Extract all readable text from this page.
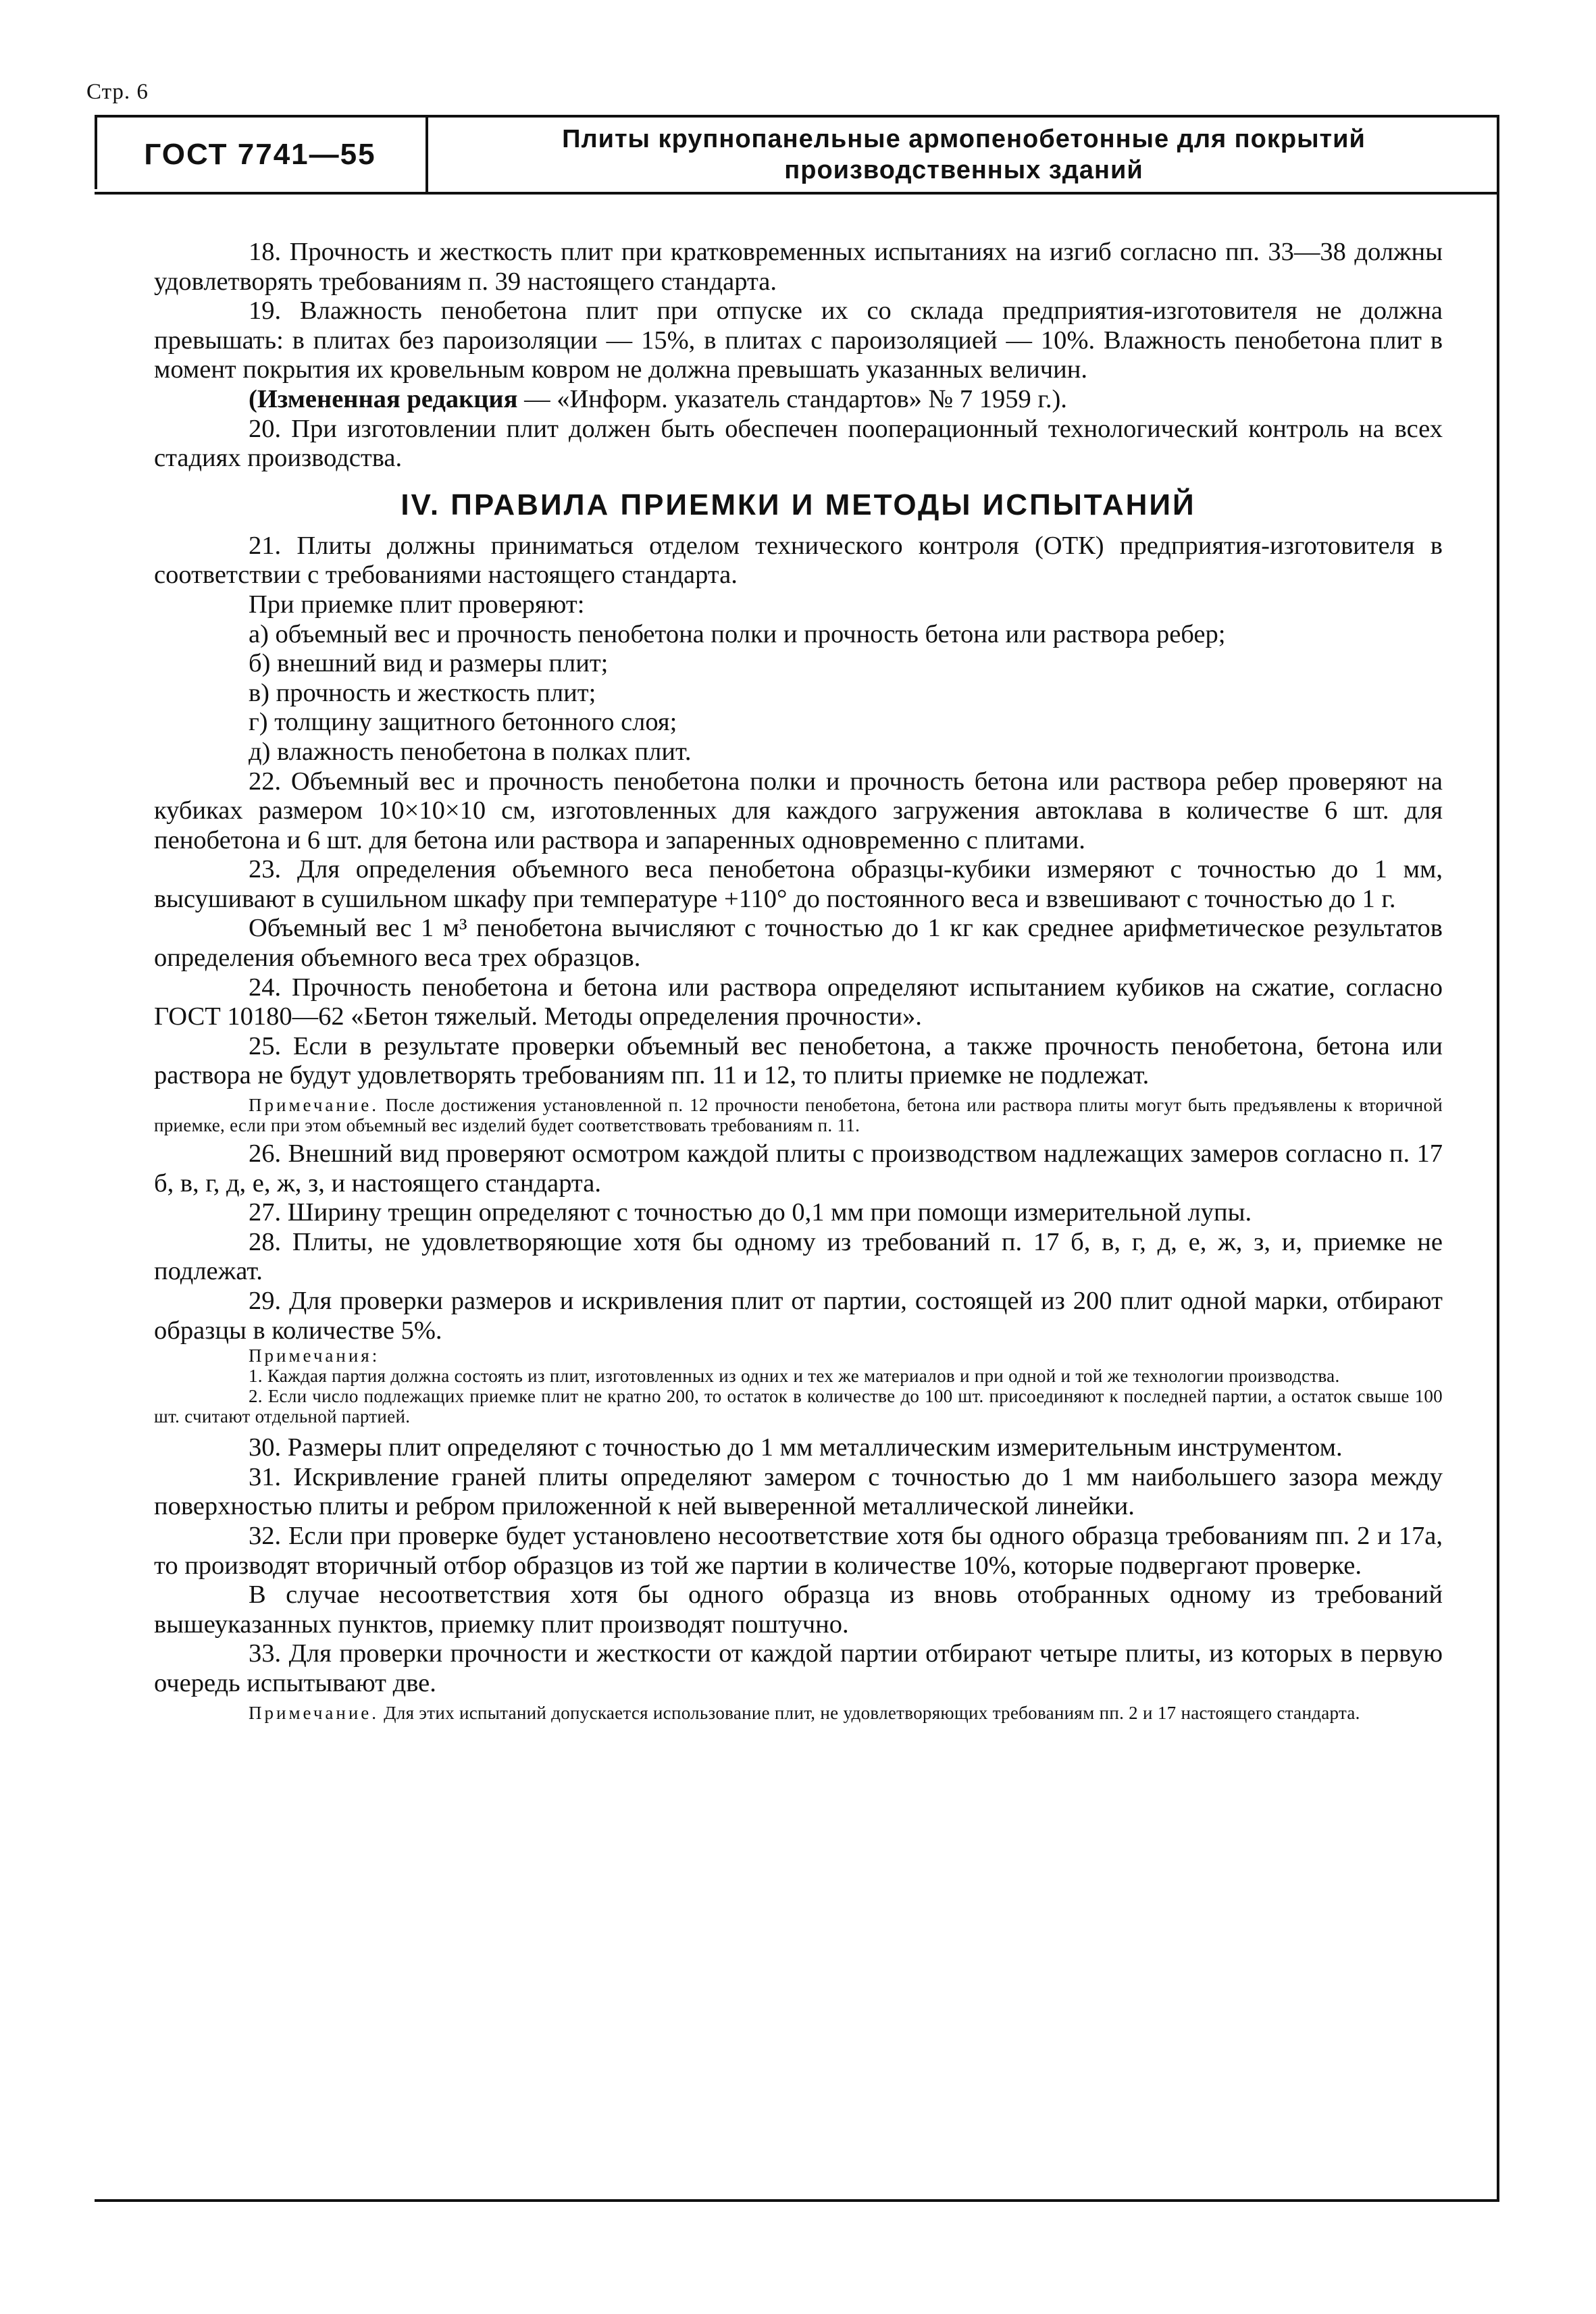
Стр. 6
ГОСТ 7741—55	Плиты крупнопанельные армопенобетонные для покрытий
производственных зданий

18. Прочность и жесткость плит при кратковременных испытаниях на изгиб согласно пп. 33—38 должны удовлетворять требованиям п. 39 настоящего стандарта.

19. Влажность пенобетона плит при отпуске их со склада предприятия-изготовителя не должна превышать: в плитах без пароизоляции — 15%, в плитах с пароизоляцией — 10%. Влажность пенобетона плит в момент покрытия их кровельным ковром не должна превышать указанных величин.

(Измененная редакция — «Информ. указатель стандартов» № 7 1959 г.).

20. При изготовлении плит должен быть обеспечен пооперационный технологический контроль на всех стадиях производства.

IV. ПРАВИЛА ПРИЕМКИ И МЕТОДЫ ИСПЫТАНИЙ

21. Плиты должны приниматься отделом технического контроля (ОТК) предприятия-изготовителя в соответствии с требованиями настоящего стандарта.

При приемке плит проверяют:

а) объемный вес и прочность пенобетона полки и прочность бетона или раствора ребер;

б) внешний вид и размеры плит;

в) прочность и жесткость плит;

г) толщину защитного бетонного слоя;

д) влажность пенобетона в полках плит.

22. Объемный вес и прочность пенобетона полки и прочность бетона или раствора ребер проверяют на кубиках размером 10×10×10 см, изготовленных для каждого загружения автоклава в количестве 6 шт. для пенобетона и 6 шт. для бетона или раствора и запаренных одновременно с плитами.

23. Для определения объемного веса пенобетона образцы-кубики измеряют с точностью до 1 мм, высушивают в сушильном шкафу при температуре +110° до постоянного веса и взвешивают с точностью до 1 г.

Объемный вес 1 м³ пенобетона вычисляют с точностью до 1 кг как среднее арифметическое результатов определения объемного веса трех образцов.

24. Прочность пенобетона и бетона или раствора определяют испытанием кубиков на сжатие, согласно ГОСТ 10180—62 «Бетон тяжелый. Методы определения прочности».

25. Если в результате проверки объемный вес пенобетона, а также прочность пенобетона, бетона или раствора не будут удовлетворять требованиям пп. 11 и 12, то плиты приемке не подлежат.

Примечание. После достижения установленной п. 12 прочности пенобетона, бетона или раствора плиты могут быть предъявлены к вторичной приемке, если при этом объемный вес изделий будет соответствовать требованиям п. 11.

26. Внешний вид проверяют осмотром каждой плиты с производством надлежащих замеров согласно п. 17 б, в, г, д, е, ж, з, и настоящего стандарта.

27. Ширину трещин определяют с точностью до 0,1 мм при помощи измерительной лупы.

28. Плиты, не удовлетворяющие хотя бы одному из требований п. 17 б, в, г, д, е, ж, з, и, приемке не подлежат.

29. Для проверки размеров и искривления плит от партии, состоящей из 200 плит одной марки, отбирают образцы в количестве 5%.

Примечания:

1. Каждая партия должна состоять из плит, изготовленных из одних и тех же материалов и при одной и той же технологии производства.

2. Если число подлежащих приемке плит не кратно 200, то остаток в количестве до 100 шт. присоединяют к последней партии, а остаток свыше 100 шт. считают отдельной партией.

30. Размеры плит определяют с точностью до 1 мм металлическим измерительным инструментом.

31. Искривление граней плиты определяют замером с точностью до 1 мм наибольшего зазора между поверхностью плиты и ребром приложенной к ней выверенной металлической линейки.

32. Если при проверке будет установлено несоответствие хотя бы одного образца требованиям пп. 2 и 17а, то производят вторичный отбор образцов из той же партии в количестве 10%, которые подвергают проверке.

В случае несоответствия хотя бы одного образца из вновь отобранных одному из требований вышеуказанных пунктов, приемку плит производят поштучно.

33. Для проверки прочности и жесткости от каждой партии отбирают четыре плиты, из которых в первую очередь испытывают две.

Примечание. Для этих испытаний допускается использование плит, не удовлетворяющих требованиям пп. 2 и 17 настоящего стандарта.
